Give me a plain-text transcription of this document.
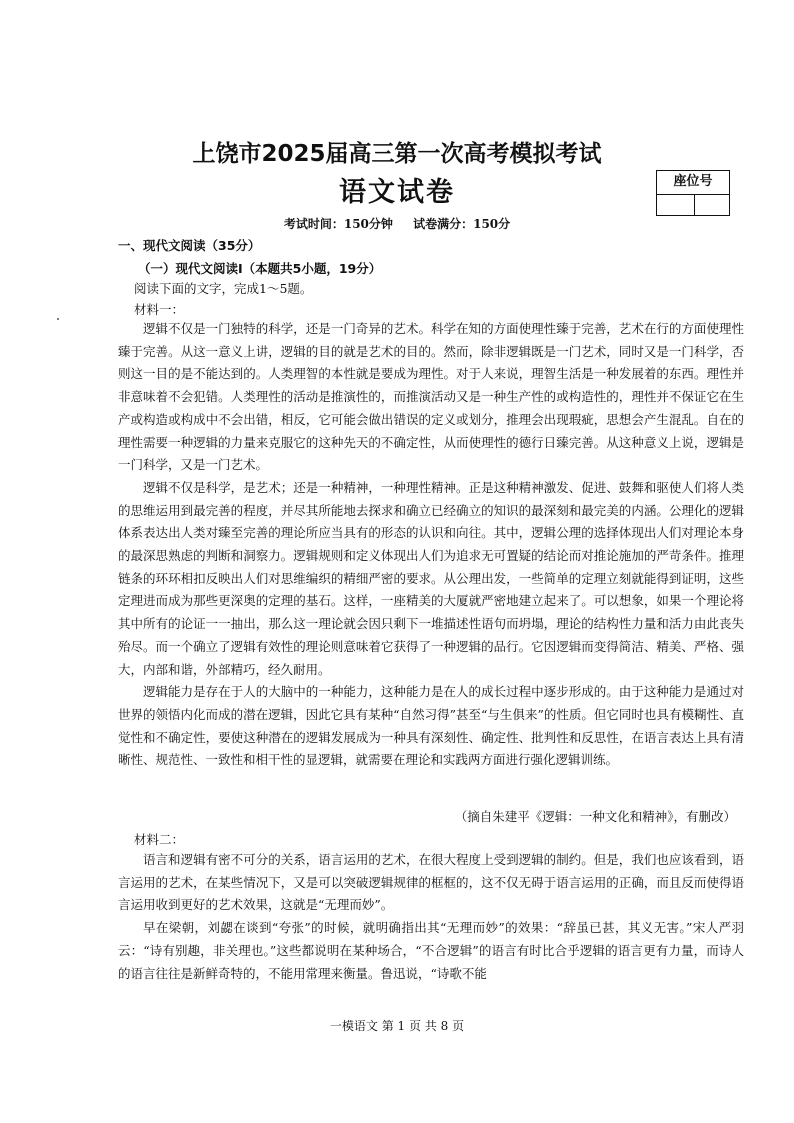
上饶市2025届高三第一次高考模拟考试
语文试卷	座位号
考试时间：150分钟 试卷满分：150分
一、现代文阅读（35分）
（一）现代文阅读Ⅰ（本题共5小题，19分）
阅读下面的文字，完成1～5题。
材料一：

逻辑不仅是一门独特的科学，还是一门奇异的艺术。科学在知的方面使理性臻于完善，艺术在行的方面使理性臻于完善。从这一意义上讲，逻辑的目的就是艺术的目的。然而，除非逻辑既是一门艺术，同时又是一门科学，否则这一目的是不能达到的。人类理智的本性就是要成为理性。对于人来说，理智生活是一种发展着的东西。理性并非意味着不会犯错。人类理性的活动是推演性的，而推演活动又是一种生产性的或构造性的，理性并不保证它在生产或构造或构成中不会出错，相反，它可能会做出错误的定义或划分，推理会出现瑕疵，思想会产生混乱。自在的理性需要一种逻辑的力量来克服它的这种先天的不确定性，从而使理性的德行日臻完善。从这种意义上说，逻辑是一门科学，又是一门艺术。

逻辑不仅是科学，是艺术；还是一种精神，一种理性精神。正是这种精神激发、促进、鼓舞和驱使人们将人类的思维运用到最完善的程度，并尽其所能地去探求和确立已经确立的知识的最深刻和最完美的内涵。公理化的逻辑体系表达出人类对臻至完善的理论所应当具有的形态的认识和向往。其中，逻辑公理的选择体现出人们对理论本身的最深思熟虑的判断和洞察力。逻辑规则和定义体现出人们为追求无可置疑的结论而对推论施加的严苛条件。推理链条的环环相扣反映出人们对思维编织的精细严密的要求。从公理出发，一些简单的定理立刻就能得到证明，这些定理进而成为那些更深奥的定理的基石。这样，一座精美的大厦就严密地建立起来了。可以想象，如果一个理论将其中所有的论证一一抽出，那么这一理论就会因只剩下一堆描述性语句而坍塌，理论的结构性力量和活力由此丧失殆尽。而一个确立了逻辑有效性的理论则意味着它获得了一种逻辑的品行。它因逻辑而变得简洁、精美、严格、强大，内部和谐，外部精巧，经久耐用。

逻辑能力是存在于人的大脑中的一种能力，这种能力是在人的成长过程中逐步形成的。由于这种能力是通过对世界的领悟内化而成的潜在逻辑，因此它具有某种“自然习得”甚至“与生俱来”的性质。但它同时也具有模糊性、直觉性和不确定性，要使这种潜在的逻辑发展成为一种具有深刻性、确定性、批判性和反思性，在语言表达上具有清晰性、规范性、一致性和相干性的显逻辑，就需要在理论和实践两方面进行强化逻辑训练。

（摘自朱建平《逻辑：一种文化和精神》，有删改）
材料二：

语言和逻辑有密不可分的关系，语言运用的艺术，在很大程度上受到逻辑的制约。但是，我们也应该看到，语言运用的艺术，在某些情况下，又是可以突破逻辑规律的框框的，这不仅无碍于语言运用的正确，而且反而使得语言运用收到更好的艺术效果，这就是“无理而妙”。

早在梁朝，刘勰在谈到“夸张”的时候，就明确指出其“无理而妙”的效果：“辞虽已甚，其义无害。”宋人严羽云：“诗有别趣，非关理也。”这些都说明在某种场合，“不合逻辑”的语言有时比合乎逻辑的语言更有力量，而诗人的语言往往是新鲜奇特的，不能用常理来衡量。鲁迅说，“诗歌不能

一模语文 第 1 页 共 8 页
